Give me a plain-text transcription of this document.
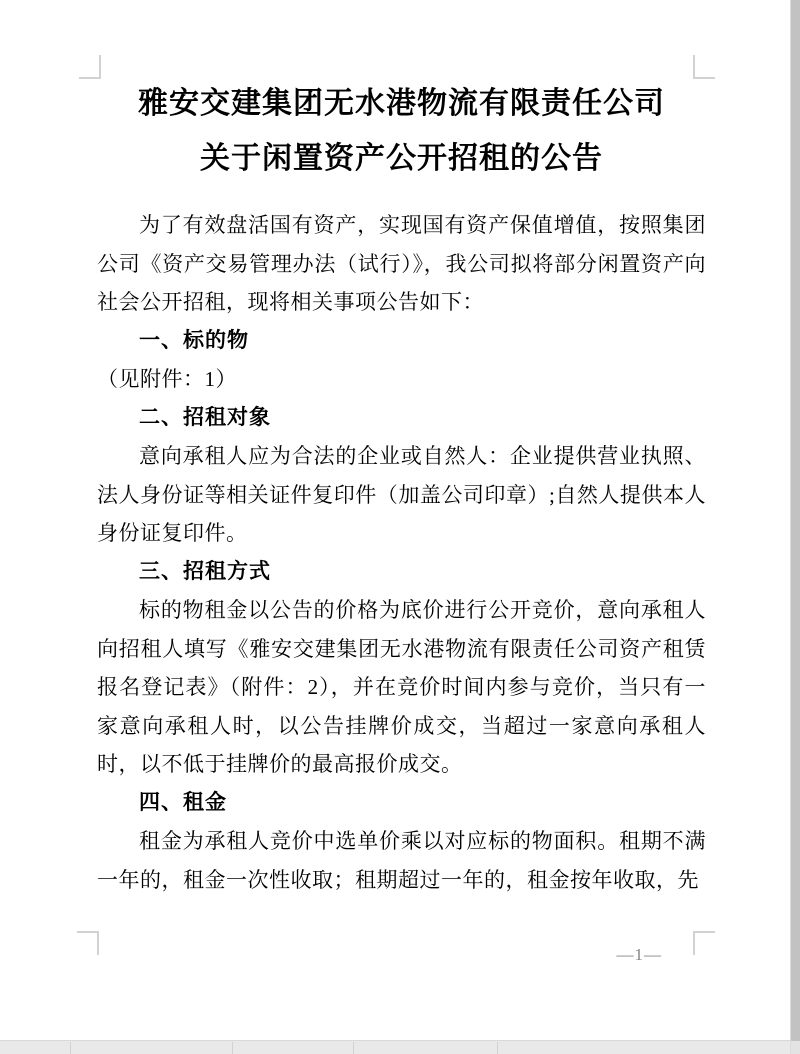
雅安交建集团无水港物流有限责任公司
关于闲置资产公开招租的公告

为了有效盘活国有资产，实现国有资产保值增值，按照集团公司《资产交易管理办法（试行）》，我公司拟将部分闲置资产向社会公开招租，现将相关事项公告如下：

一、标的物

（见附件：1）

二、招租对象

意向承租人应为合法的企业或自然人：企业提供营业执照、法人身份证等相关证件复印件（加盖公司印章）;自然人提供本人身份证复印件。

三、招租方式

标的物租金以公告的价格为底价进行公开竞价，意向承租人向招租人填写《雅安交建集团无水港物流有限责任公司资产租赁报名登记表》（附件：2），并在竞价时间内参与竞价，当只有一家意向承租人时，以公告挂牌价成交，当超过一家意向承租人时，以不低于挂牌价的最高报价成交。

四、租金

租金为承租人竞价中选单价乘以对应标的物面积。租期不满一年的，租金一次性收取；租期超过一年的，租金按年收取，先

—1—
